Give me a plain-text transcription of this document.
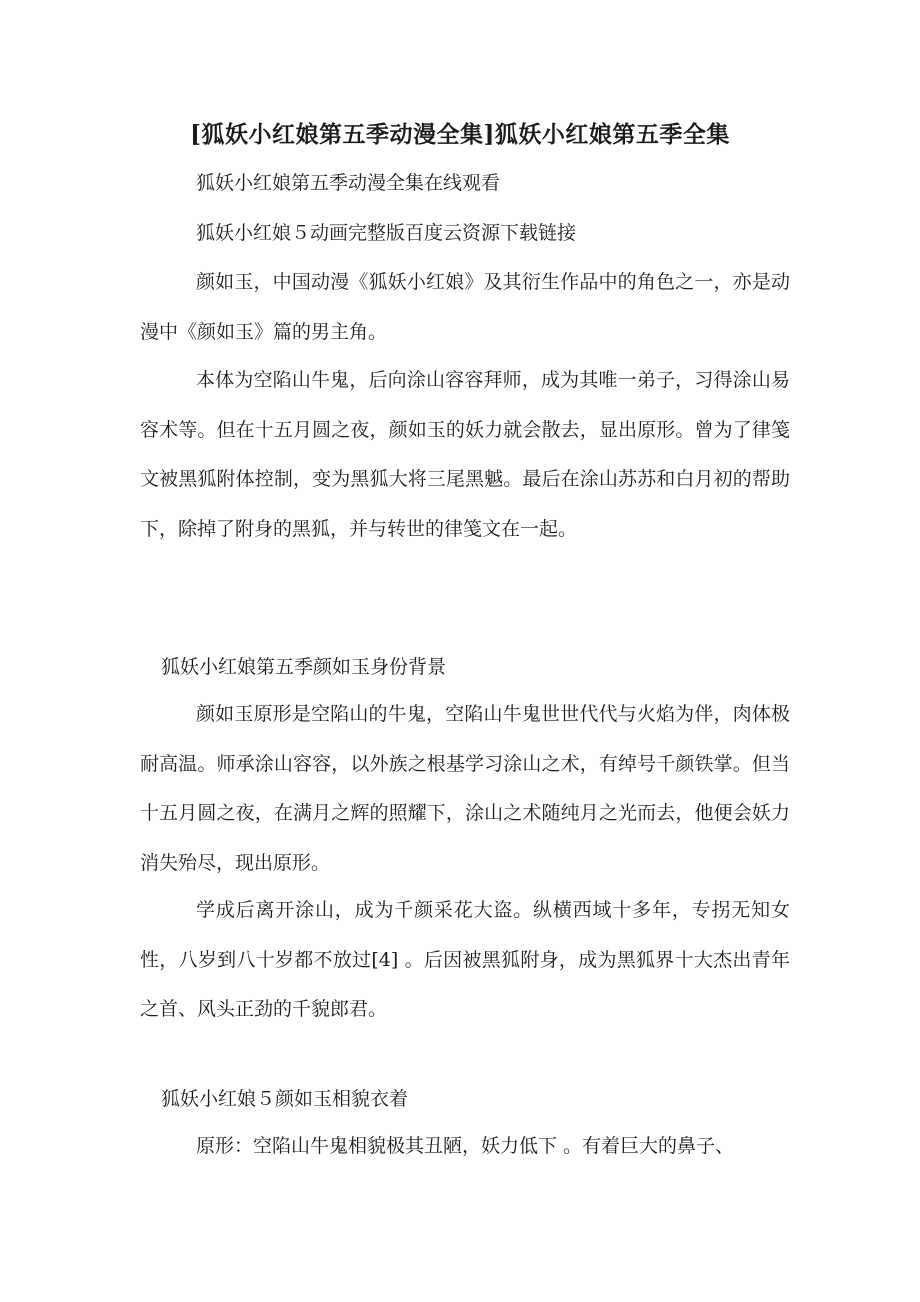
[狐妖小红娘第五季动漫全集]狐妖小红娘第五季全集
狐妖小红娘第五季动漫全集在线观看
狐妖小红娘５动画完整版百度云资源下载链接

颜如玉，中国动漫《狐妖小红娘》及其衍生作品中的角色之一，亦是动漫中《颜如玉》篇的男主角。

本体为空陷山牛鬼，后向涂山容容拜师，成为其唯一弟子，习得涂山易容术等。但在十五月圆之夜，颜如玉的妖力就会散去，显出原形。曾为了律笺文被黑狐附体控制，变为黑狐大将三尾黑魆。最后在涂山苏苏和白月初的帮助下，除掉了附身的黑狐，并与转世的律笺文在一起。

狐妖小红娘第五季颜如玉身份背景

颜如玉原形是空陷山的牛鬼，空陷山牛鬼世世代代与火焰为伴，肉体极耐高温。师承涂山容容，以外族之根基学习涂山之术，有绰号千颜铁掌。但当十五月圆之夜，在满月之辉的照耀下，涂山之术随纯月之光而去，他便会妖力消失殆尽，现出原形。

学成后离开涂山，成为千颜采花大盗。纵横西域十多年，专拐无知女性，八岁到八十岁都不放过[4] 。后因被黑狐附身，成为黑狐界十大杰出青年之首、风头正劲的千貌郎君。

狐妖小红娘５颜如玉相貌衣着

原形：空陷山牛鬼相貌极其丑陋，妖力低下 。有着巨大的鼻子、
